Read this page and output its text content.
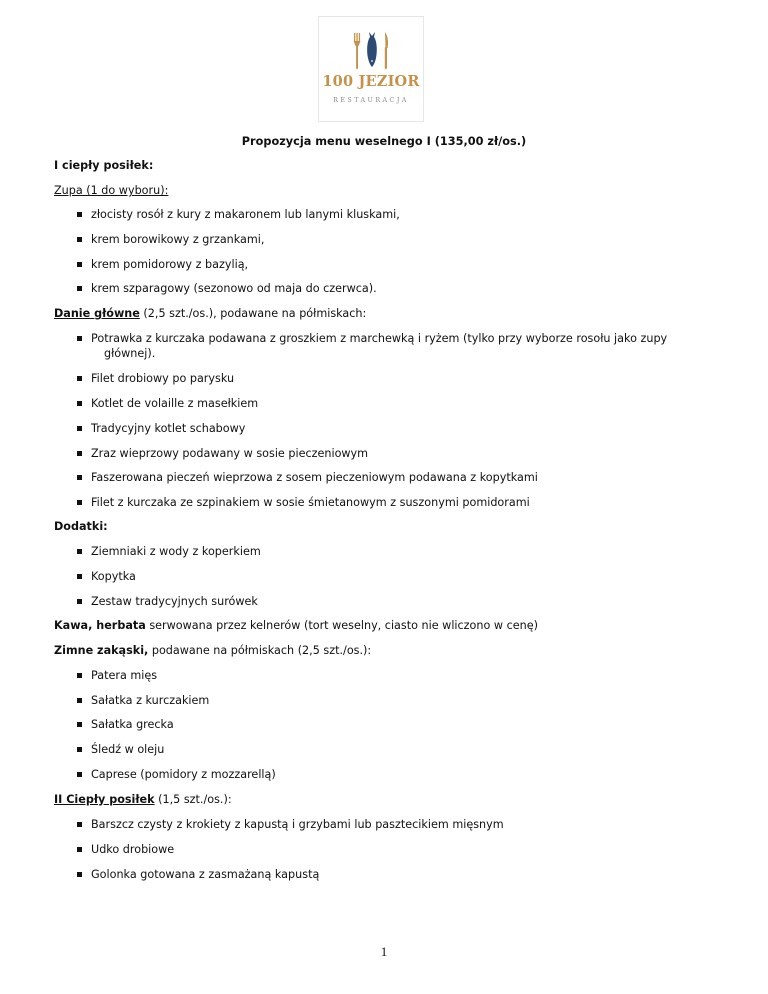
100 JEZIOR
RESTAURACJA
Propozycja menu weselnego I (135,00 zł/os.)
I ciepły posiłek:
Zupa (1 do wyboru):
złocisty rosół z kury z makaronem lub lanymi kluskami,
krem borowikowy z grzankami,
krem pomidorowy z bazylią,
krem szparagowy (sezonowo od maja do czerwca).
Danie główne (2,5 szt./os.), podawane na półmiskach:
Potrawka z kurczaka podawana z groszkiem z marchewką i ryżem (tylko przy wyborze rosołu jako zupy
głównej).
Filet drobiowy po parysku
Kotlet de volaille z masełkiem
Tradycyjny kotlet schabowy
Zraz wieprzowy podawany w sosie pieczeniowym
Faszerowana pieczeń wieprzowa z sosem pieczeniowym podawana z kopytkami
Filet z kurczaka ze szpinakiem w sosie śmietanowym z suszonymi pomidorami
Dodatki:
Ziemniaki z wody z koperkiem
Kopytka
Zestaw tradycyjnych surówek
Kawa, herbata serwowana przez kelnerów (tort weselny, ciasto nie wliczono w cenę)
Zimne zakąski, podawane na półmiskach (2,5 szt./os.):
Patera mięs
Sałatka z kurczakiem
Sałatka grecka
Śledź w oleju
Caprese (pomidory z mozzarellą)
II Ciepły posiłek (1,5 szt./os.):
Barszcz czysty z krokiety z kapustą i grzybami lub pasztecikiem mięsnym
Udko drobiowe
Golonka gotowana z zasmażaną kapustą
1
